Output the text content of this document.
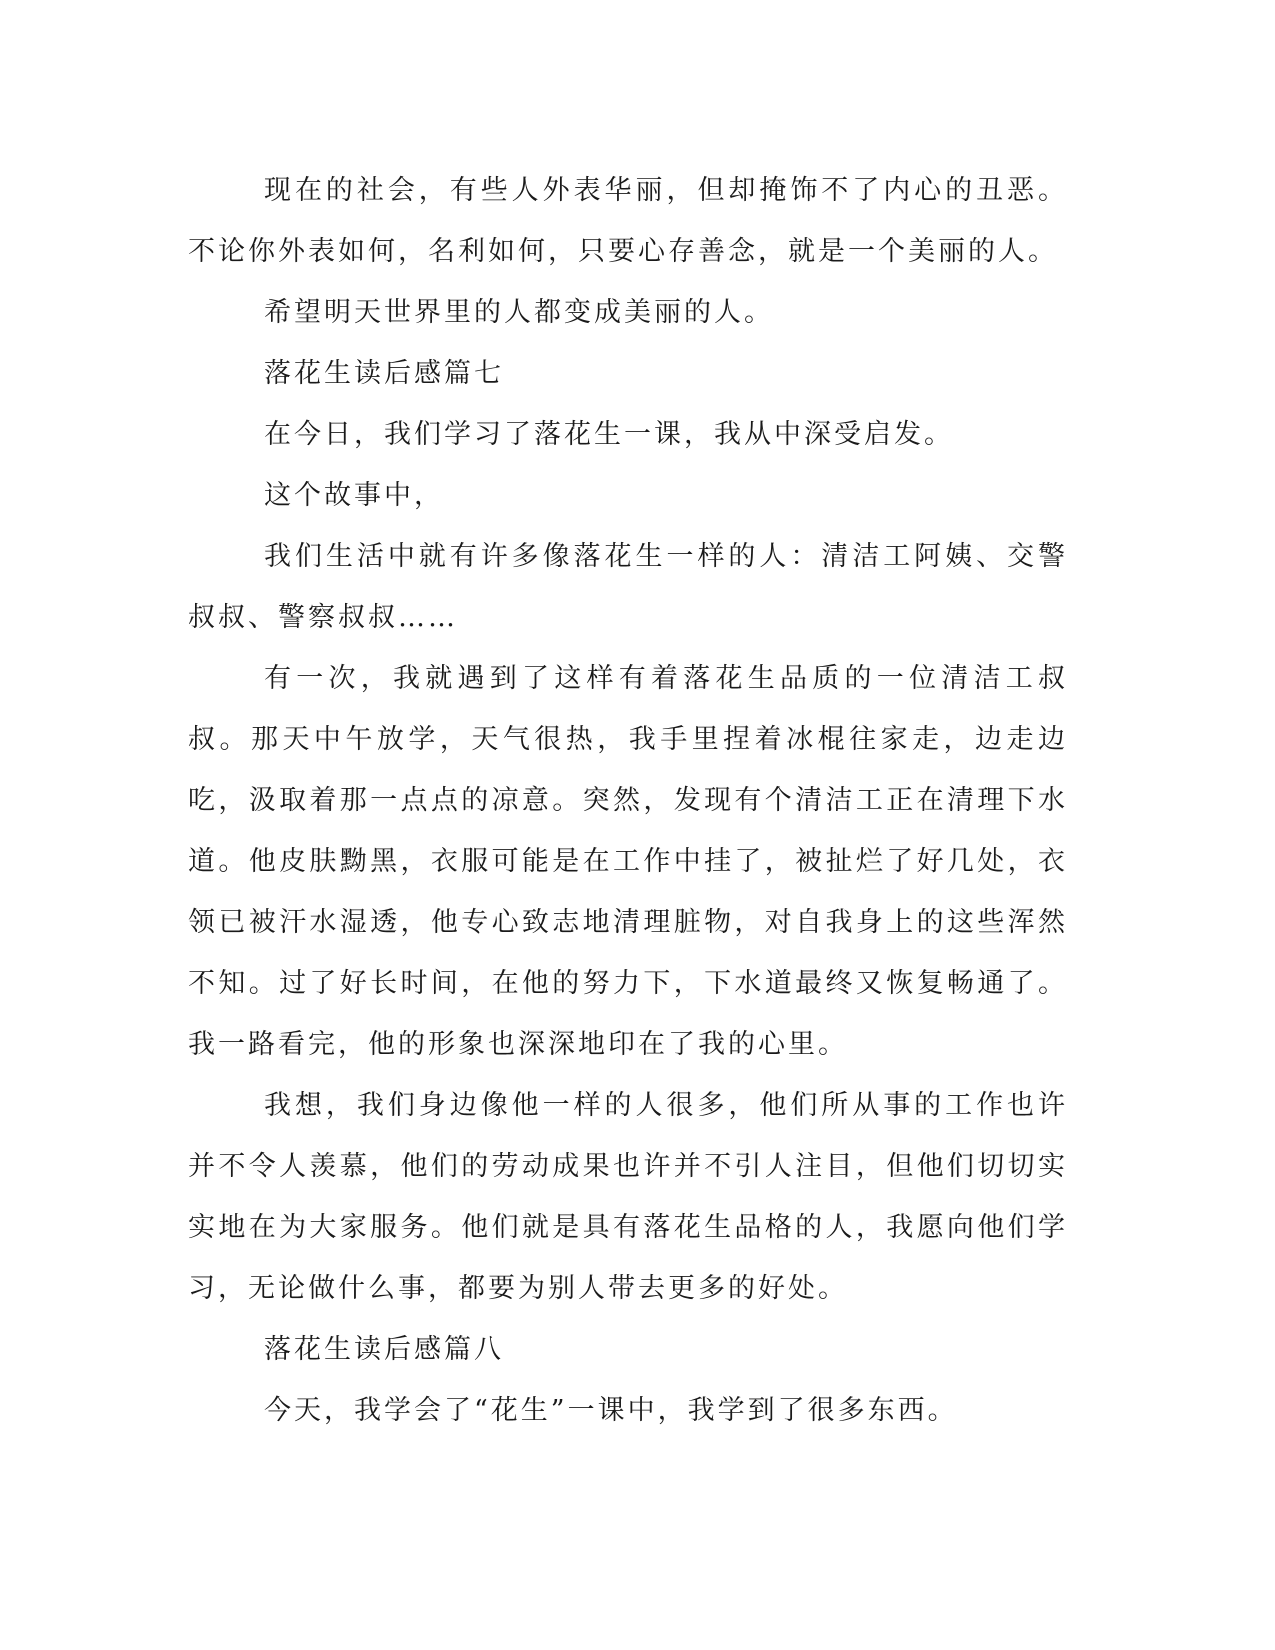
现在的社会，有些人外表华丽，但却掩饰不了内心的丑恶。不论你外表如何，名利如何，只要心存善念，就是一个美丽的人。

希望明天世界里的人都变成美丽的人。

落花生读后感篇七

在今日，我们学习了落花生一课，我从中深受启发。

这个故事中，

我们生活中就有许多像落花生一样的人：清洁工阿姨、交警叔叔、警察叔叔……

有一次，我就遇到了这样有着落花生品质的一位清洁工叔叔。那天中午放学，天气很热，我手里捏着冰棍往家走，边走边吃，汲取着那一点点的凉意。突然，发现有个清洁工正在清理下水道。他皮肤黝黑，衣服可能是在工作中挂了，被扯烂了好几处，衣领已被汗水湿透，他专心致志地清理脏物，对自我身上的这些浑然不知。过了好长时间，在他的努力下，下水道最终又恢复畅通了。我一路看完，他的形象也深深地印在了我的心里。

我想，我们身边像他一样的人很多，他们所从事的工作也许并不令人羡慕，他们的劳动成果也许并不引人注目，但他们切切实实地在为大家服务。他们就是具有落花生品格的人，我愿向他们学习，无论做什么事，都要为别人带去更多的好处。

落花生读后感篇八

今天，我学会了“花生”一课中，我学到了很多东西。
